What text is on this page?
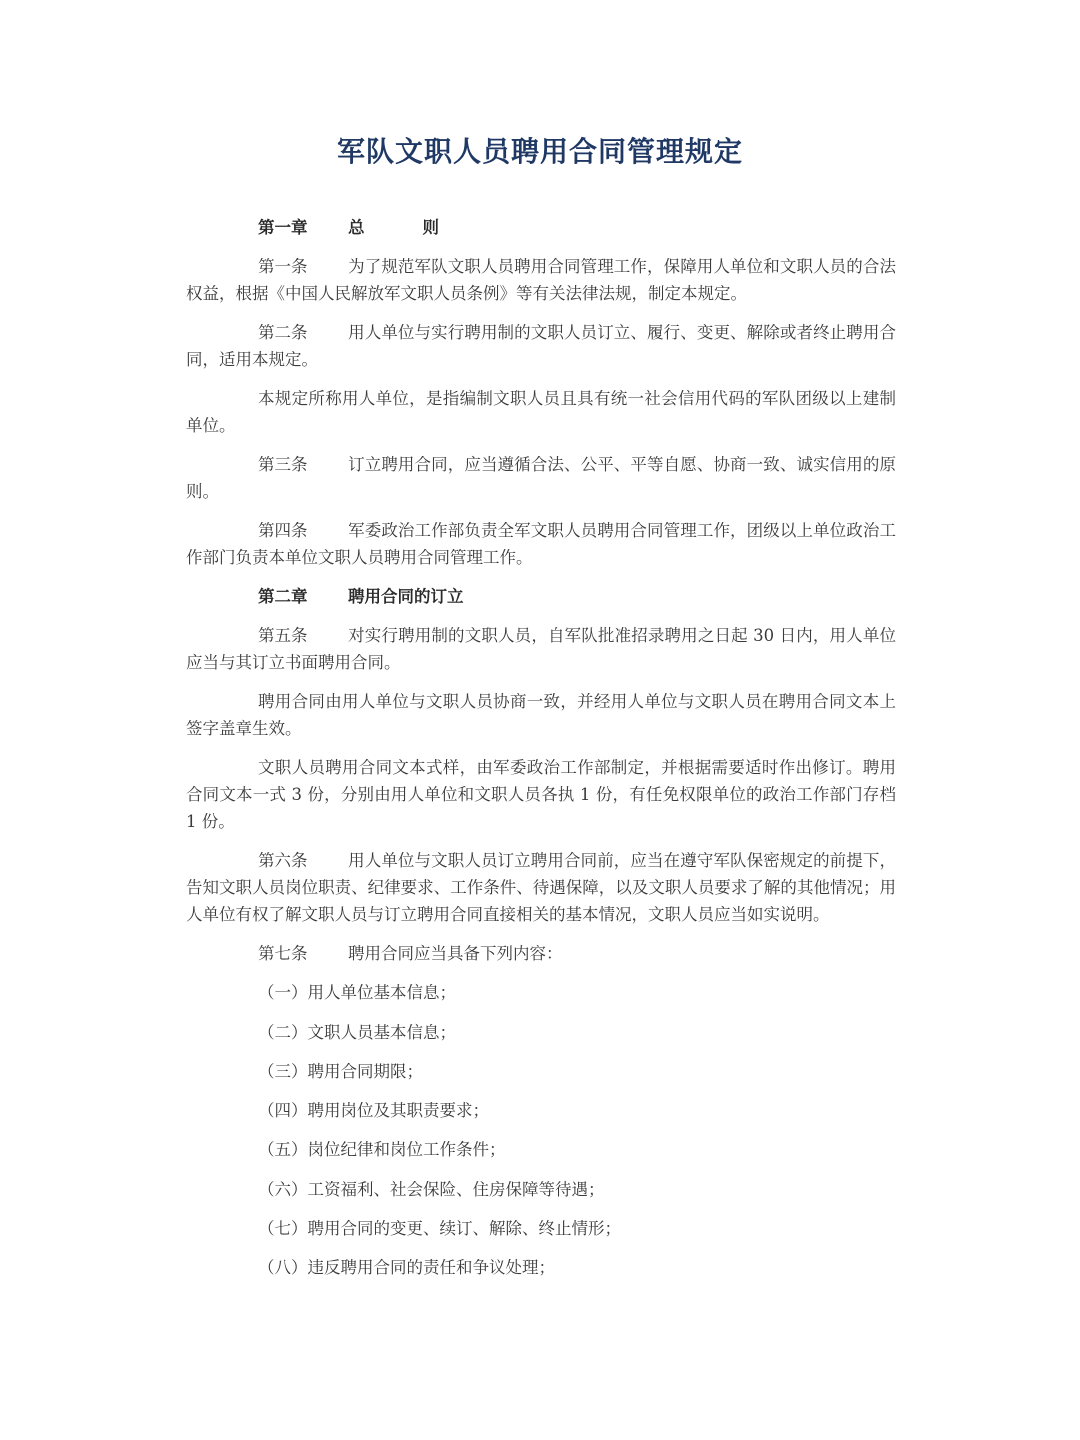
军队文职人员聘用合同管理规定

第一章 总	则

第一条 为了规范军队文职人员聘用合同管理工作，保障用人单位和文职人员的合法权益，根据《中国人民解放军文职人员条例》等有关法律法规，制定本规定。

第二条 用人单位与实行聘用制的文职人员订立、履行、变更、解除或者终止聘用合同，适用本规定。

本规定所称用人单位，是指编制文职人员且具有统一社会信用代码的军队团级以上建制单位。

第三条 订立聘用合同，应当遵循合法、公平、平等自愿、协商一致、诚实信用的原则。

第四条 军委政治工作部负责全军文职人员聘用合同管理工作，团级以上单位政治工作部门负责本单位文职人员聘用合同管理工作。

第二章 聘用合同的订立

第五条 对实行聘用制的文职人员，自军队批准招录聘用之日起 30 日内，用人单位应当与其订立书面聘用合同。

聘用合同由用人单位与文职人员协商一致，并经用人单位与文职人员在聘用合同文本上签字盖章生效。

文职人员聘用合同文本式样，由军委政治工作部制定，并根据需要适时作出修订。聘用合同文本一式 3 份，分别由用人单位和文职人员各执 1 份，有任免权限单位的政治工作部门存档 1 份。

第六条 用人单位与文职人员订立聘用合同前，应当在遵守军队保密规定的前提下，告知文职人员岗位职责、纪律要求、工作条件、待遇保障，以及文职人员要求了解的其他情况；用人单位有权了解文职人员与订立聘用合同直接相关的基本情况，文职人员应当如实说明。

第七条 聘用合同应当具备下列内容：

（一）用人单位基本信息；

（二）文职人员基本信息；

（三）聘用合同期限；

（四）聘用岗位及其职责要求；

（五）岗位纪律和岗位工作条件；

（六）工资福利、社会保险、住房保障等待遇；

（七）聘用合同的变更、续订、解除、终止情形；

（八）违反聘用合同的责任和争议处理；
